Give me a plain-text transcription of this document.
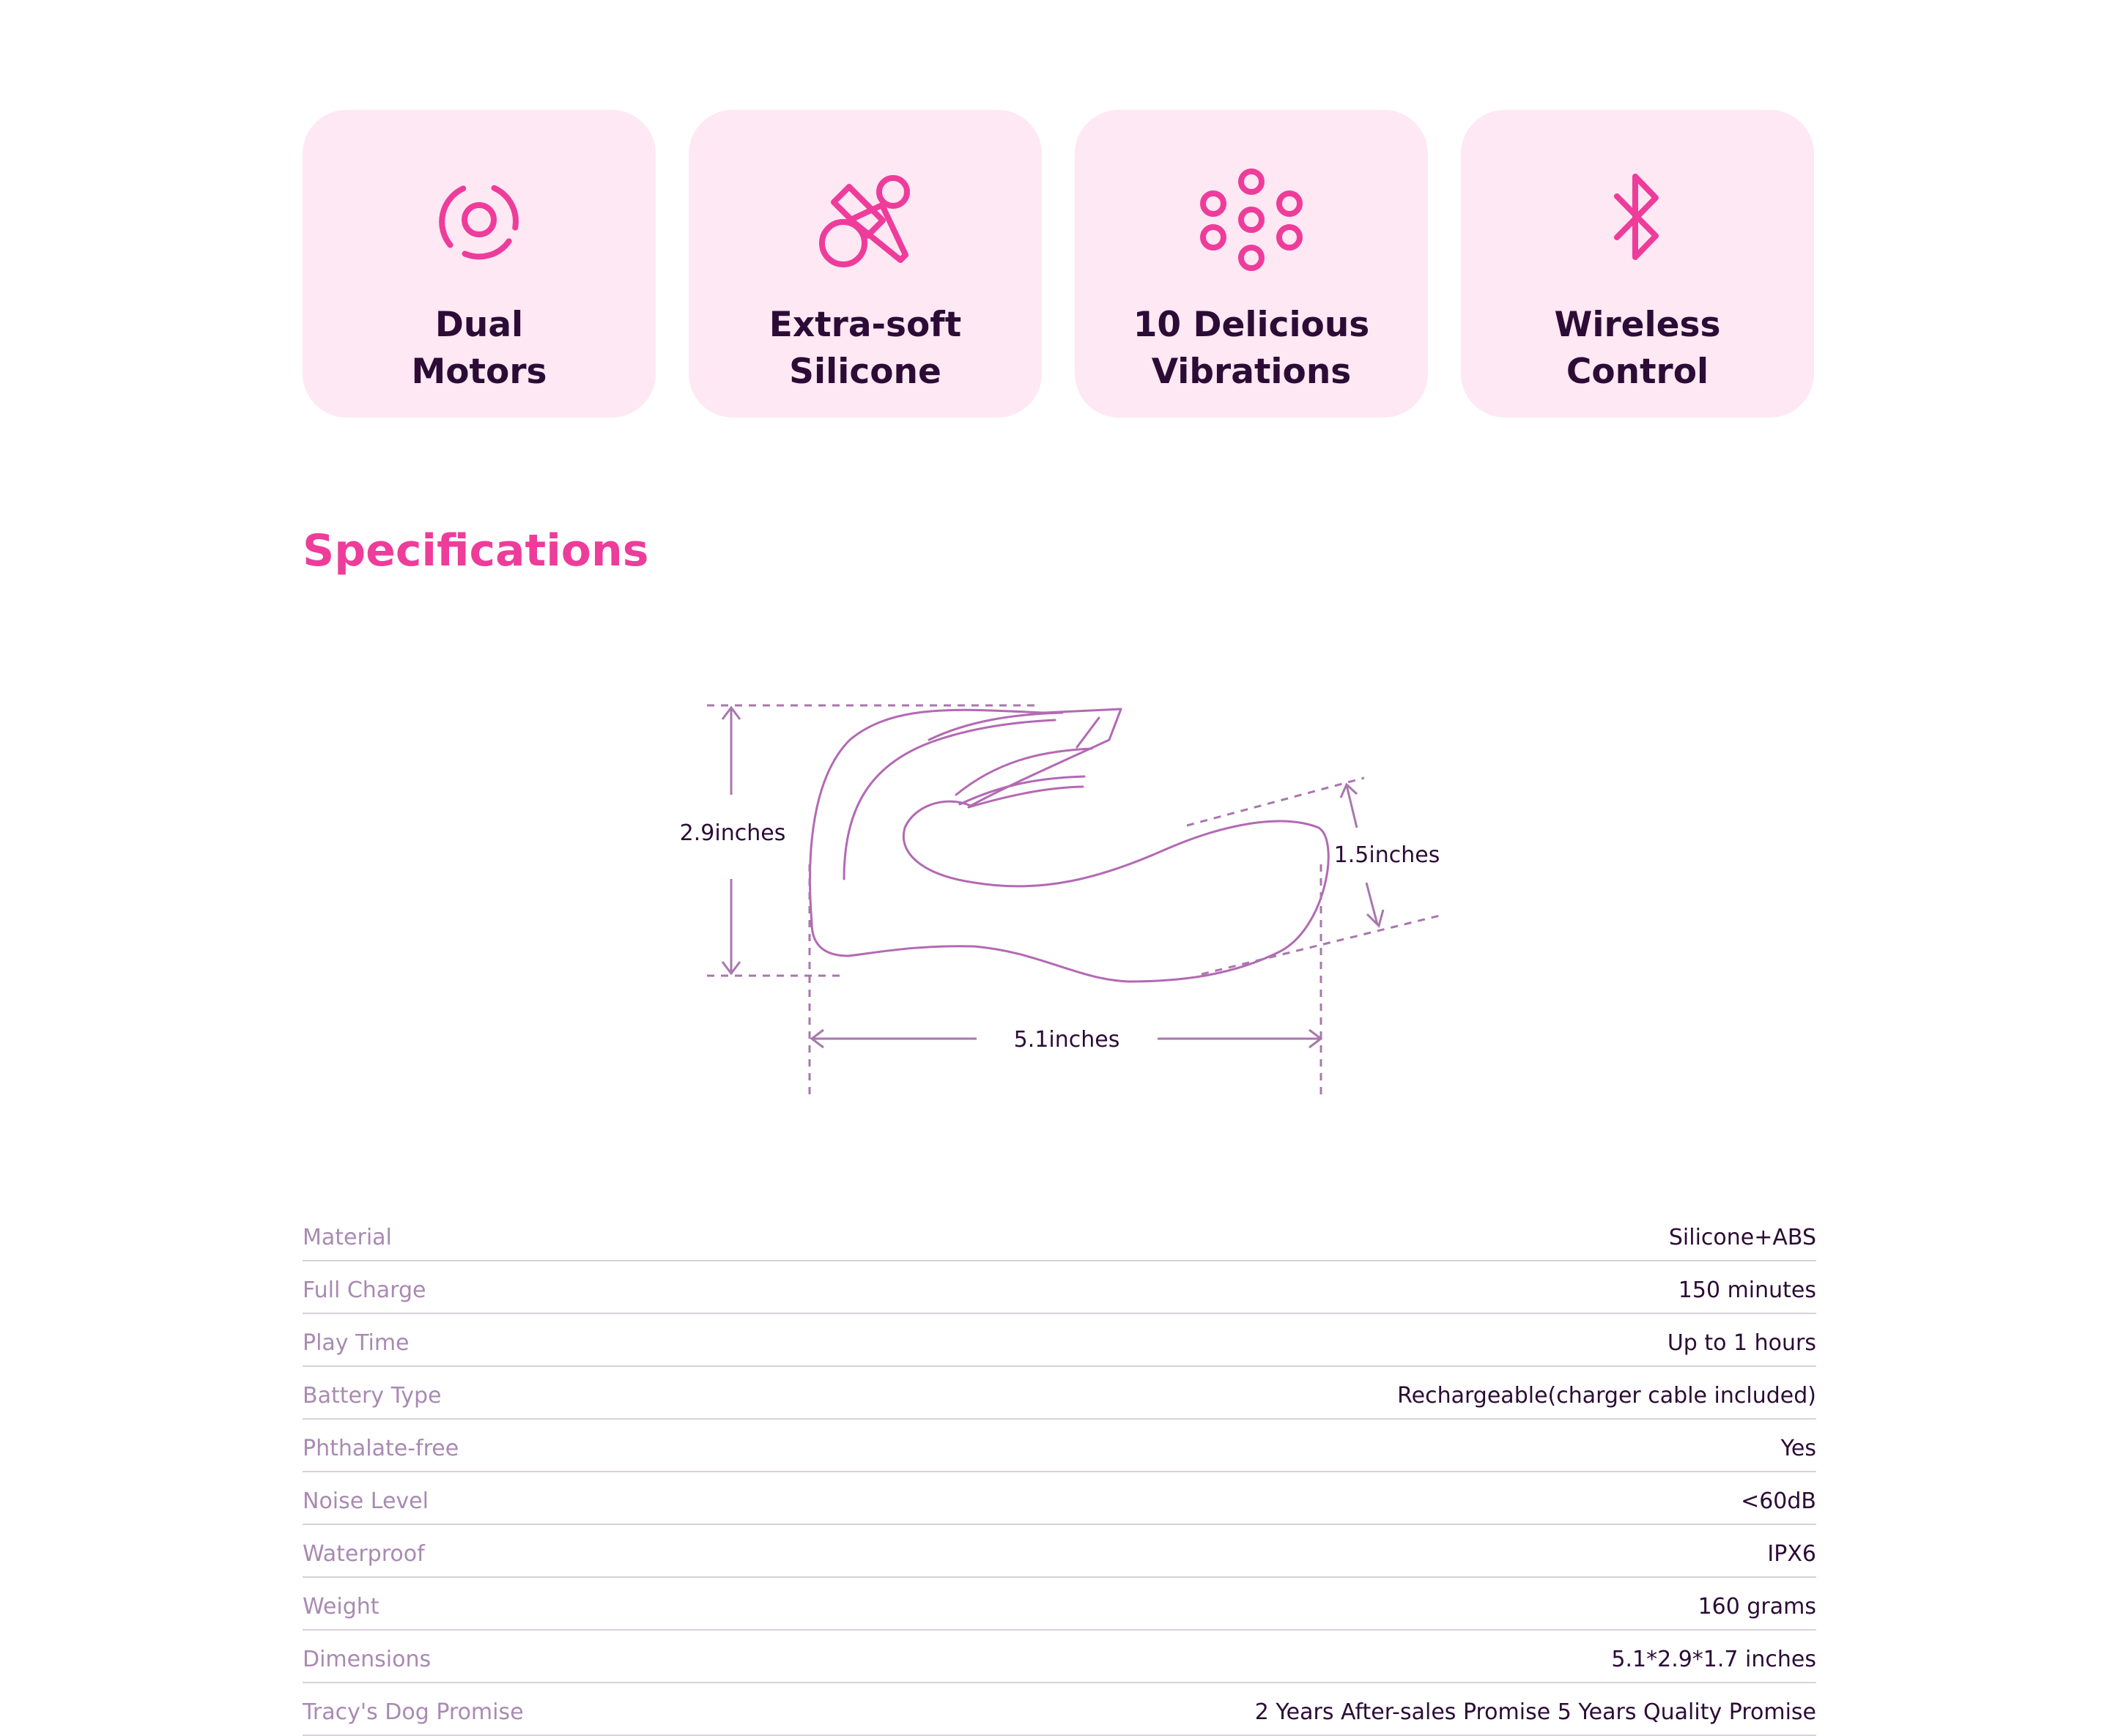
Dual
Motors
Extra-soft
Silicone
10 Delicious
Vibrations
Wireless
Control
Specifications
2.9inches
5.1inches
1.5inches
Material	Silicone+ABS
Full Charge	150 minutes
Play Time	Up to 1 hours
Battery Type	Rechargeable(charger cable included)
Phthalate-free	Yes
Noise Level	<60dB
Waterproof	IPX6
Weight	160 grams
Dimensions	5.1*2.9*1.7 inches
Tracy's Dog Promise	2 Years After-sales Promise 5 Years Quality Promise
